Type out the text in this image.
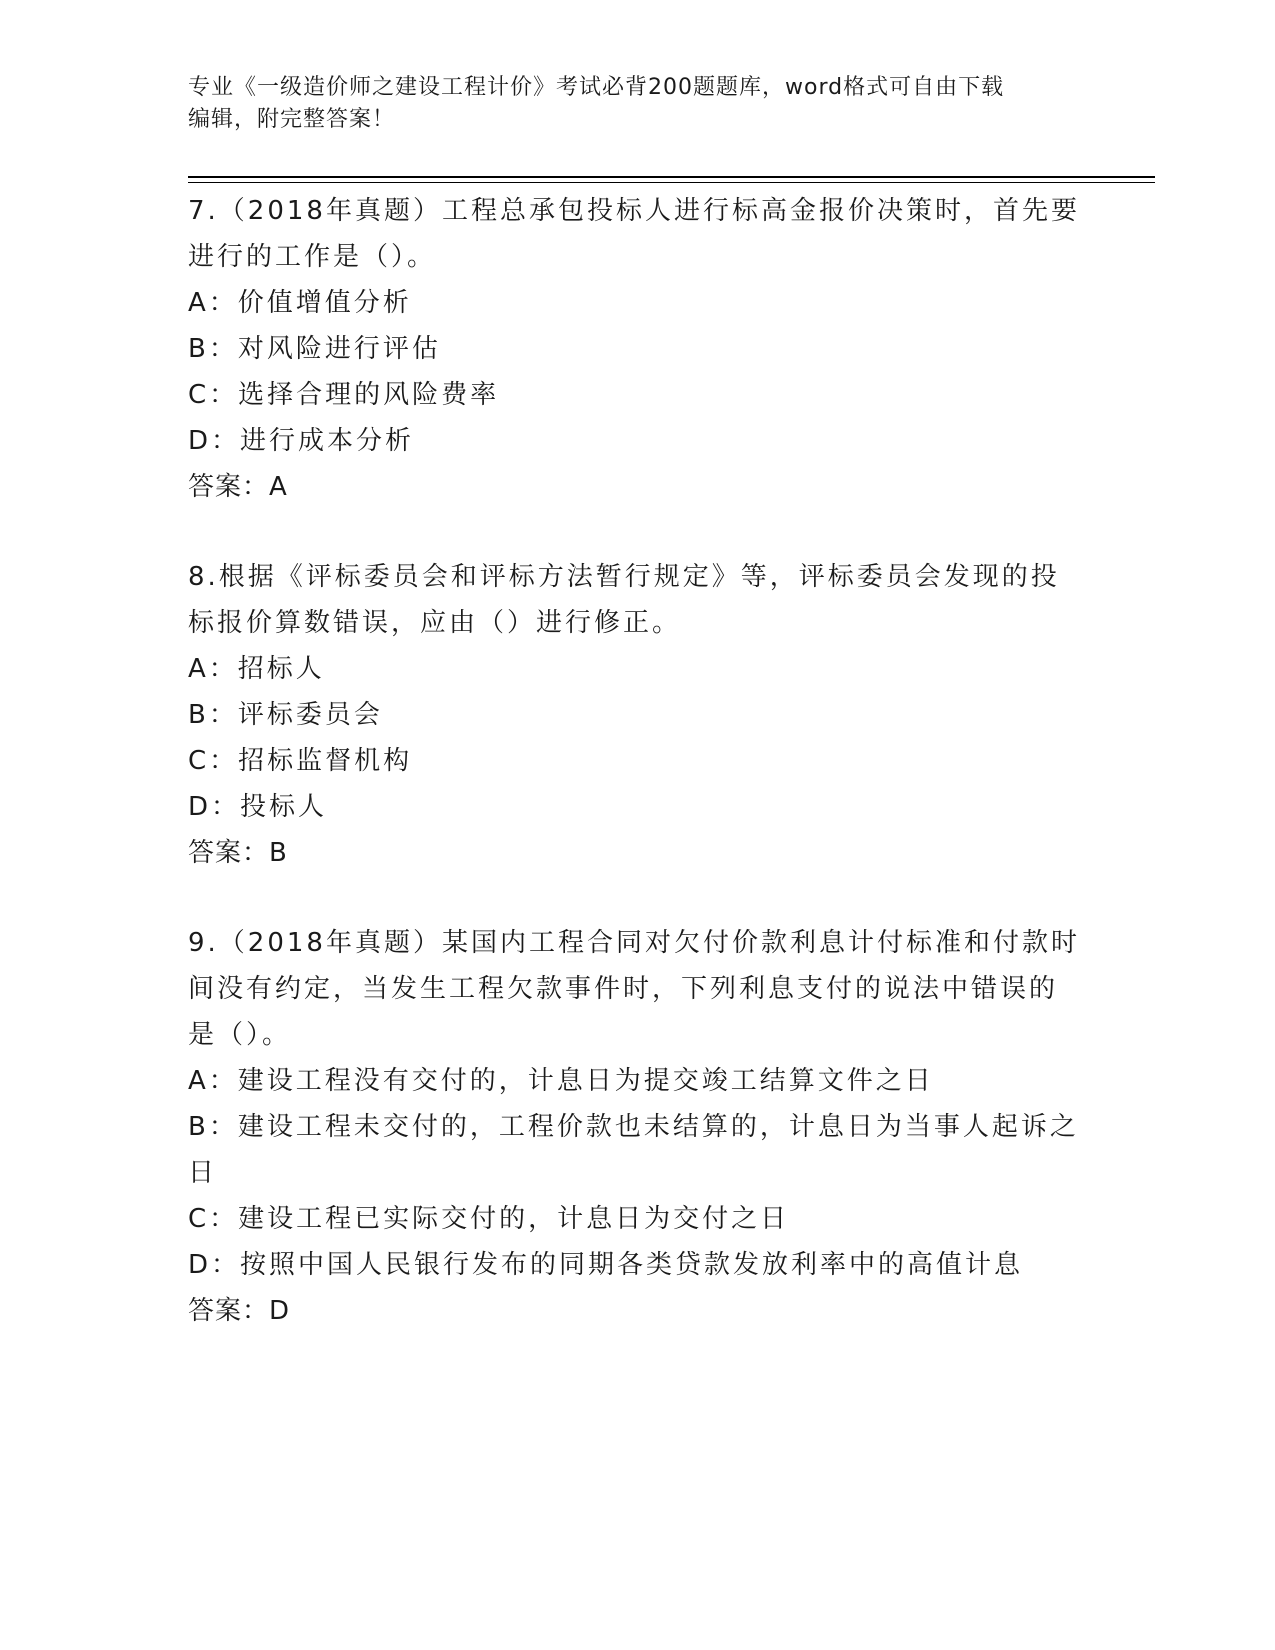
专业《一级造价师之建设工程计价》考试必背200题题库，word格式可自由下载
编辑，附完整答案！

7.（2018年真题）工程总承包投标人进行标高金报价决策时，首先要

进行的工作是（）。

A：价值增值分析

B：对风险进行评估

C：选择合理的风险费率

D：进行成本分析

答案：A

8.根据《评标委员会和评标方法暂行规定》等，评标委员会发现的投

标报价算数错误，应由（）进行修正。

A：招标人

B：评标委员会

C：招标监督机构

D：投标人

答案：B

9.（2018年真题）某国内工程合同对欠付价款利息计付标准和付款时

间没有约定，当发生工程欠款事件时，下列利息支付的说法中错误的

是（）。

A：建设工程没有交付的，计息日为提交竣工结算文件之日

B：建设工程未交付的，工程价款也未结算的，计息日为当事人起诉之

日

C：建设工程已实际交付的，计息日为交付之日

D：按照中国人民银行发布的同期各类贷款发放利率中的高值计息

答案：D
